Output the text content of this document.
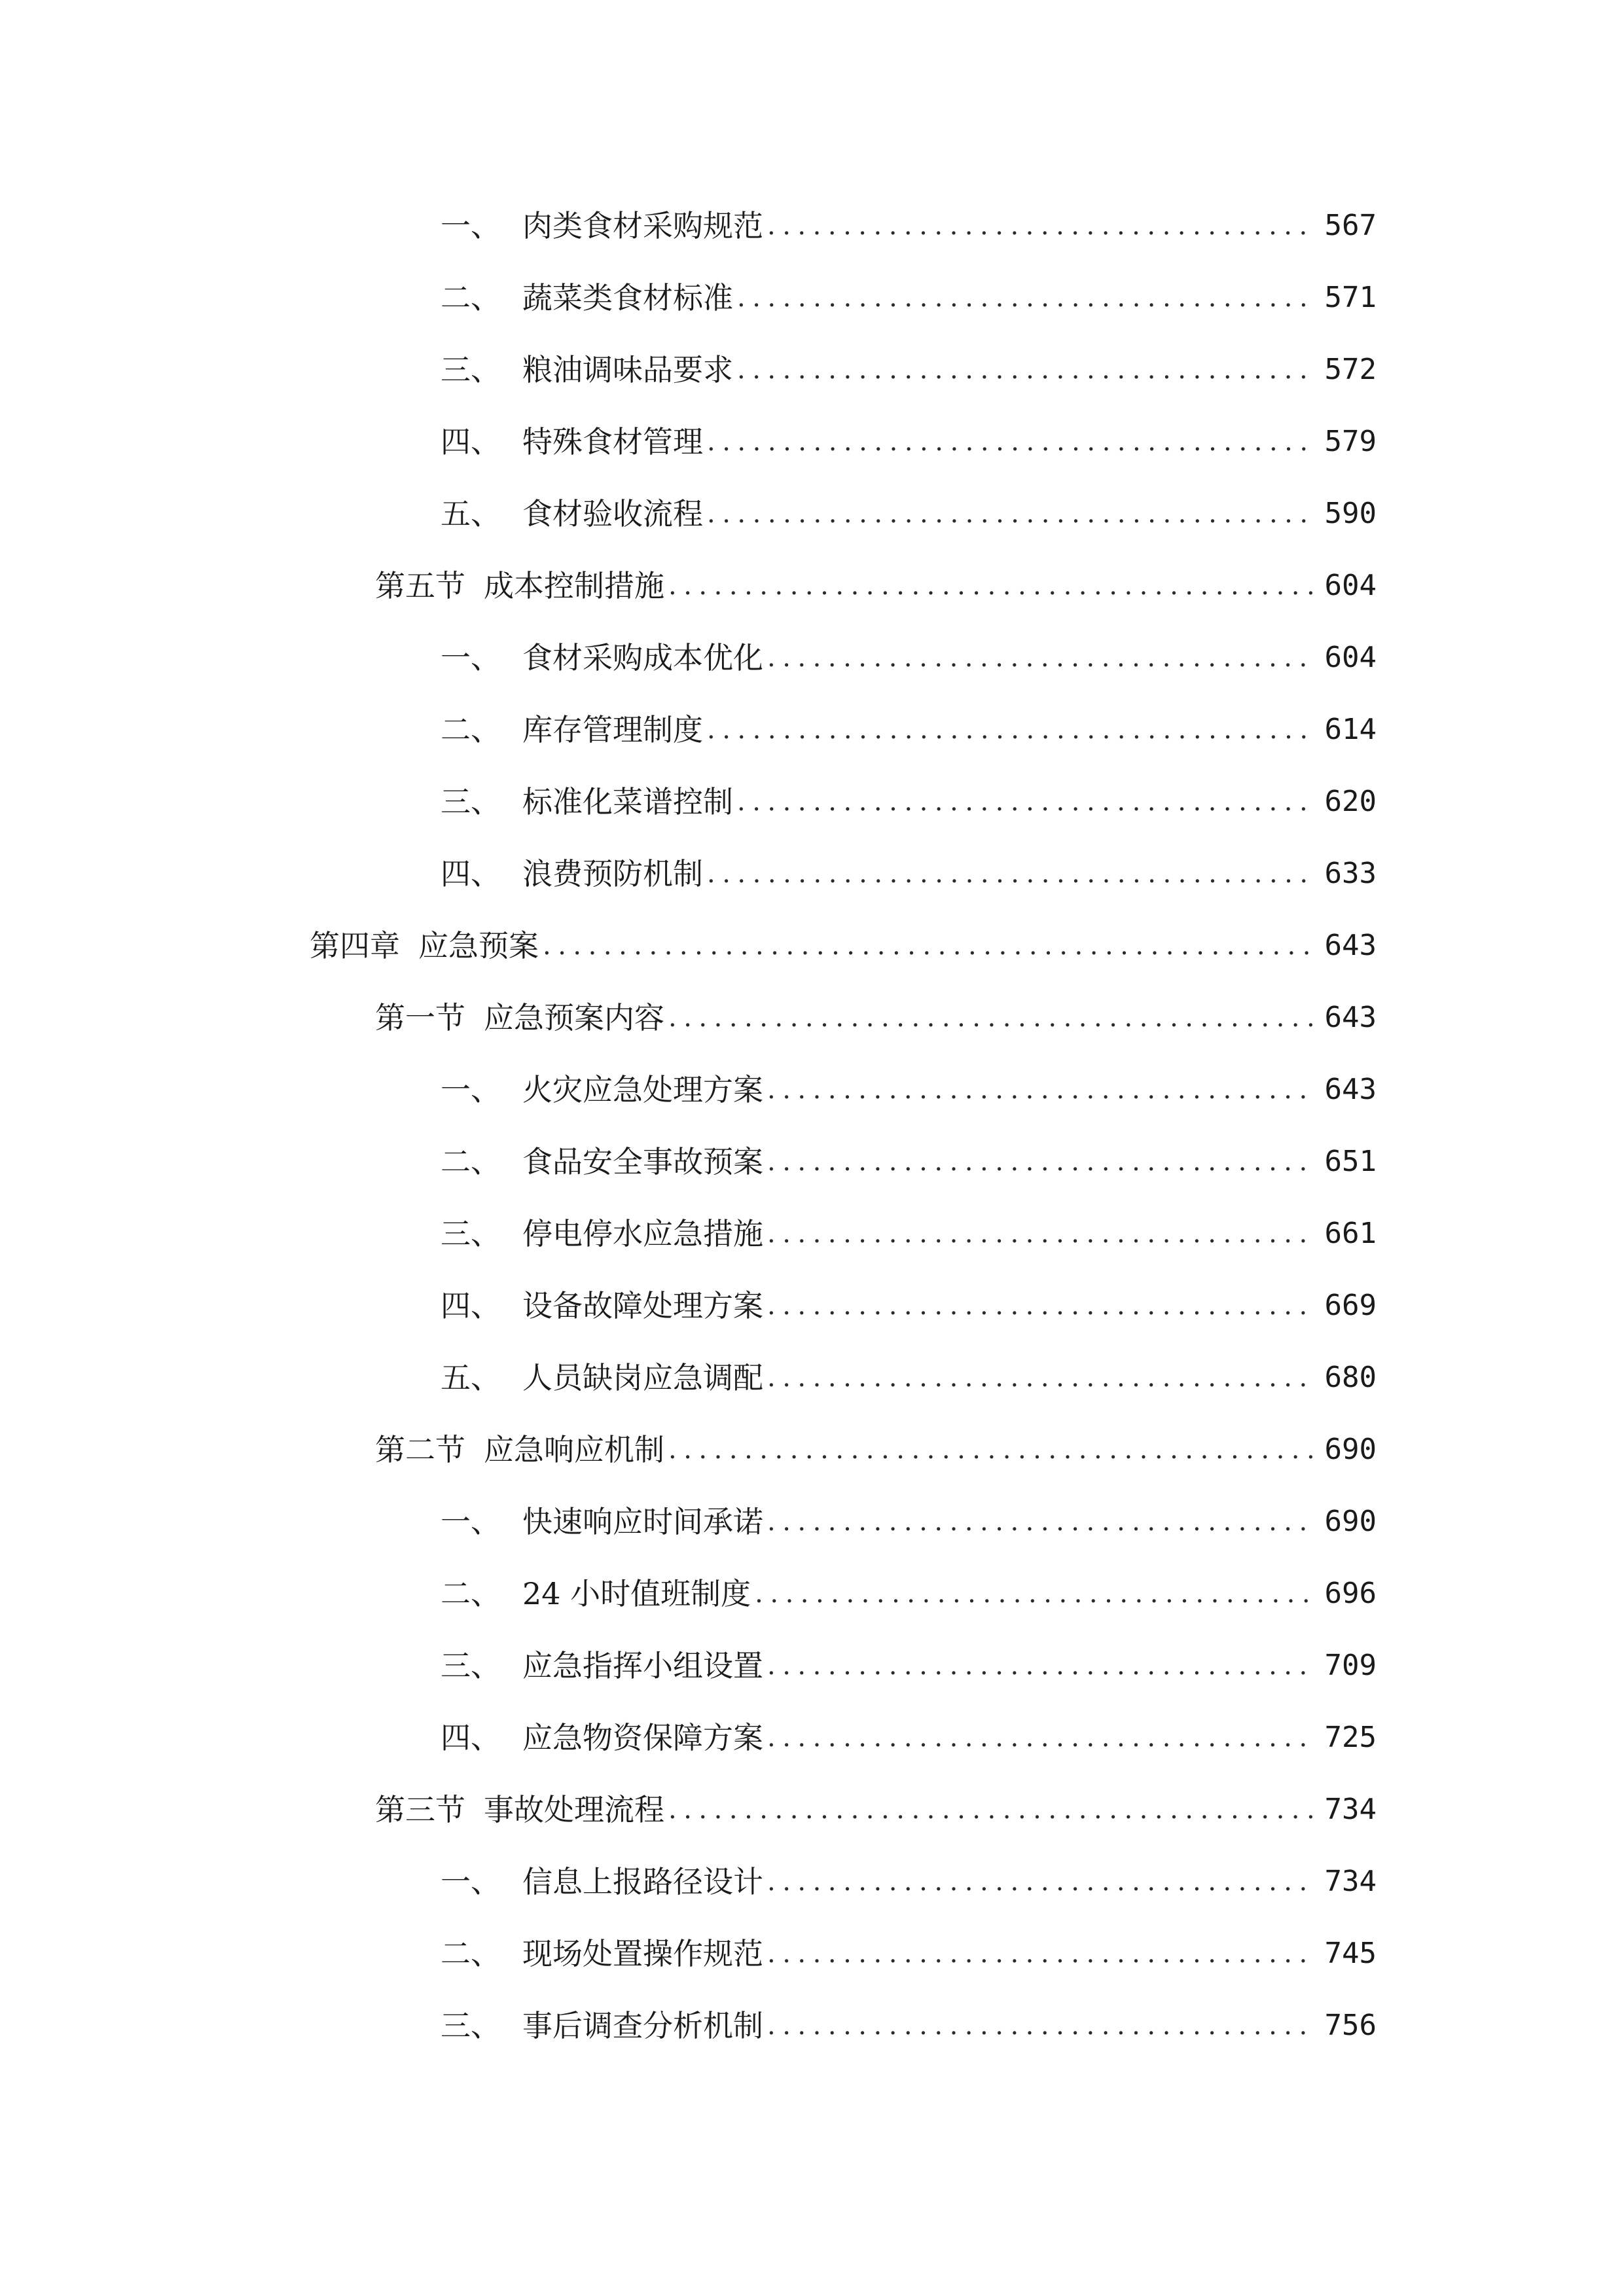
一、 肉类食材采购规范 .....	567
二、 蔬菜类食材标准 .....	571
三、 粮油调味品要求 .....	572
四、 特殊食材管理 .....	579
五、 食材验收流程 .....	590
第五节 成本控制措施 .....	604
一、 食材采购成本优化 .....	604
二、 库存管理制度 .....	614
三、 标准化菜谱控制 .....	620
四、 浪费预防机制 .....	633
第四章 应急预案 .....	643
第一节 应急预案内容 .....	643
一、 火灾应急处理方案 .....	643
二、 食品安全事故预案 .....	651
三、 停电停水应急措施 .....	661
四、 设备故障处理方案 .....	669
五、 人员缺岗应急调配 .....	680
第二节 应急响应机制 .....	690
一、 快速响应时间承诺 .....	690
二、 24 小时值班制度 .....	696
三、 应急指挥小组设置 .....	709
四、 应急物资保障方案 .....	725
第三节 事故处理流程 .....	734
一、 信息上报路径设计 .....	734
二、 现场处置操作规范 .....	745
三、 事后调查分析机制 .....	756
